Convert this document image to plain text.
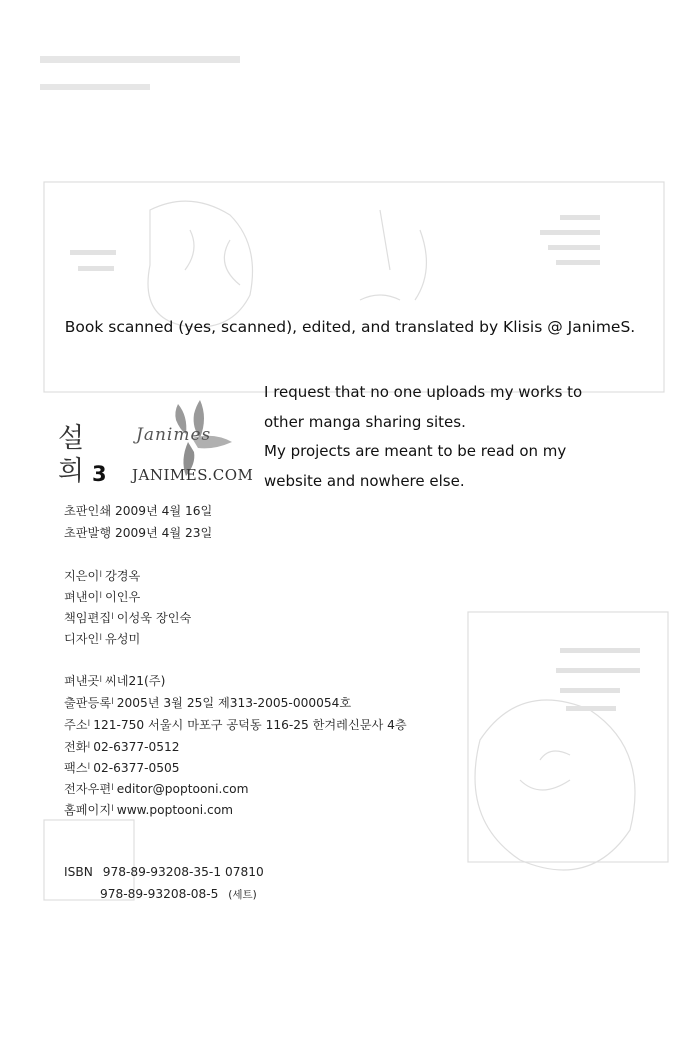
Book scanned (yes, scanned), edited, and translated by Klisis @ JanimeS.
I request that no one uploads my works to
other manga sharing sites.
My projects are meant to be read on my
website and nowhere else.
설
희 3
Janimes
JANIMES.COM
초판인쇄 2009년 4월 16일
초판발행 2009년 4월 23일
지은이$^I$ 강경옥
펴낸이$^I$ 이인우
책임편집$^I$ 이성욱 장인숙
디자인$^I$ 유성미
펴낸곳$^I$ 씨네21(주)
출판등록$^I$ 2005년 3월 25일 제313-2005-000054호
주소$^I$ 121-750 서울시 마포구 공덕동 116-25 한겨레신문사 4층
전화$^I$ 02-6377-0512
팩스$^I$ 02-6377-0505
전자우편$^I$ editor@poptooni.com
홈페이지$^I$ www.poptooni.com
ISBN 978-89-93208-35-1 07810
978-89-93208-08-5 (세트)
